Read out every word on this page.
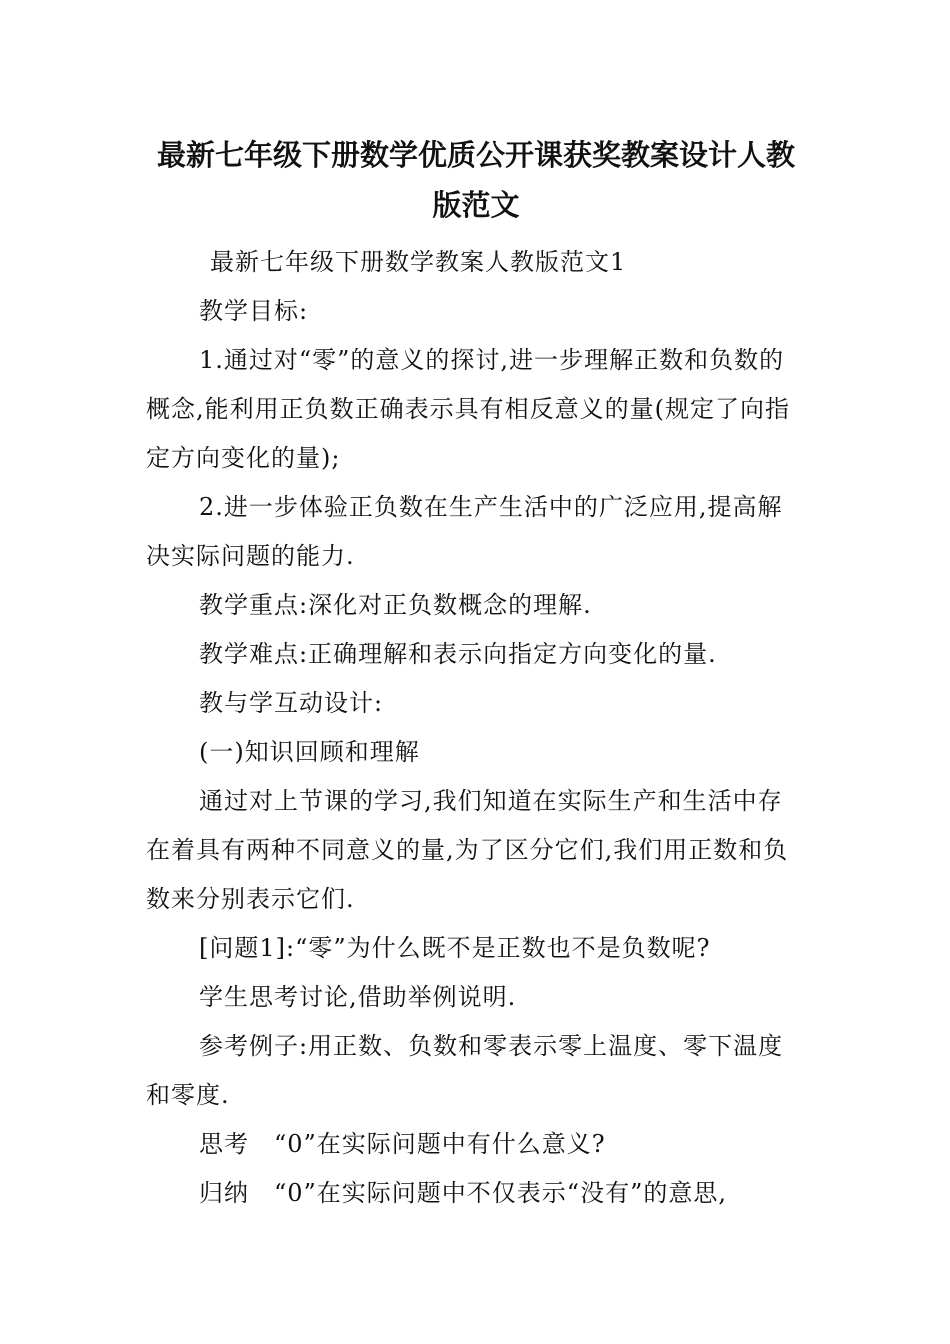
最新七年级下册数学优质公开课获奖教案设计人教版范文

最新七年级下册数学教案人教版范文1

教学目标:

1.通过对“零”的意义的探讨,进一步理解正数和负数的概念,能利用正负数正确表示具有相反意义的量(规定了向指定方向变化的量);

2.进一步体验正负数在生产生活中的广泛应用,提高解决实际问题的能力.

教学重点:深化对正负数概念的理解.

教学难点:正确理解和表示向指定方向变化的量.

教与学互动设计:

(一)知识回顾和理解

通过对上节课的学习,我们知道在实际生产和生活中存在着具有两种不同意义的量,为了区分它们,我们用正数和负数来分别表示它们.

[问题1]:“零”为什么既不是正数也不是负数呢?

学生思考讨论,借助举例说明.

参考例子:用正数、负数和零表示零上温度、零下温度和零度.

思考　“0”在实际问题中有什么意义?

归纳　“0”在实际问题中不仅表示“没有”的意思,
